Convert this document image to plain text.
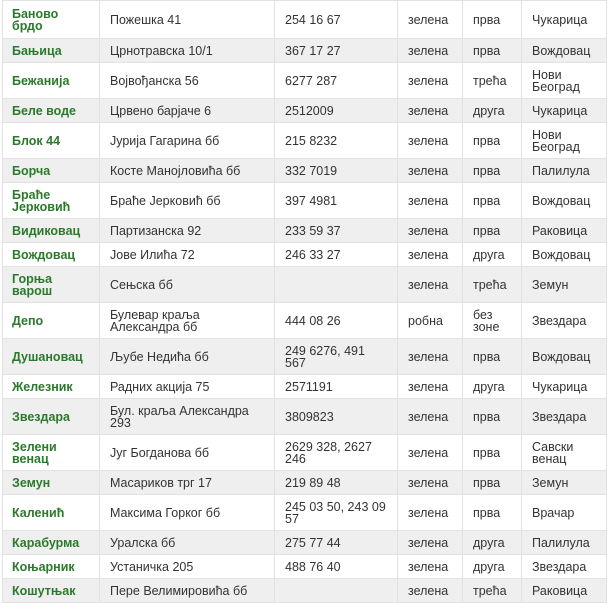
Баново брдо	Пожешка 41	254 16 67	зелена	прва	Чукарица
Бањица	Црнотравска 10/1	367 17 27	зелена	прва	Вождовац
Бежанија	Војвођанска 56	6277 287	зелена	трећа	Нови Београд
Беле воде	Црвено барјаче 6	2512009	зелена	друга	Чукарица
Блок 44	Јурија Гагарина бб	215 8232	зелена	прва	Нови Београд
Борча	Косте Манојловића бб	332 7019	зелена	прва	Палилула
Браће Јерковић	Браће Јерковић бб	397 4981	зелена	прва	Вождовац
Видиковац	Партизанска 92	233 59 37	зелена	прва	Раковица
Вождовац	Јове Илића 72	246 33 27	зелена	друга	Вождовац
Горња варош	Сењска бб		зелена	трећа	Земун
Депо	Булевар краља Александра бб	444 08 26	робна	без зоне	Звездара
Душановац	Љубе Недића бб	249 6276, 491 567	зелена	прва	Вождовац
Железник	Радних акција 75	2571191	зелена	друга	Чукарица
Звездара	Бул. краља Александра 293	3809823	зелена	прва	Звездара
Зелени венац	Југ Богданова бб	2629 328, 2627 246	зелена	прва	Савски венац
Земун	Масариков трг 17	219 89 48	зелена	прва	Земун
Каленић	Максима Горког бб	245 03 50, 243 09 57	зелена	прва	Врачар
Карабурма	Уралска бб	275 77 44	зелена	друга	Палилула
Коњарник	Устаничка 205	488 76 40	зелена	друга	Звездара
Кошутњак	Пере Велимировића бб		зелена	трећа	Раковица
